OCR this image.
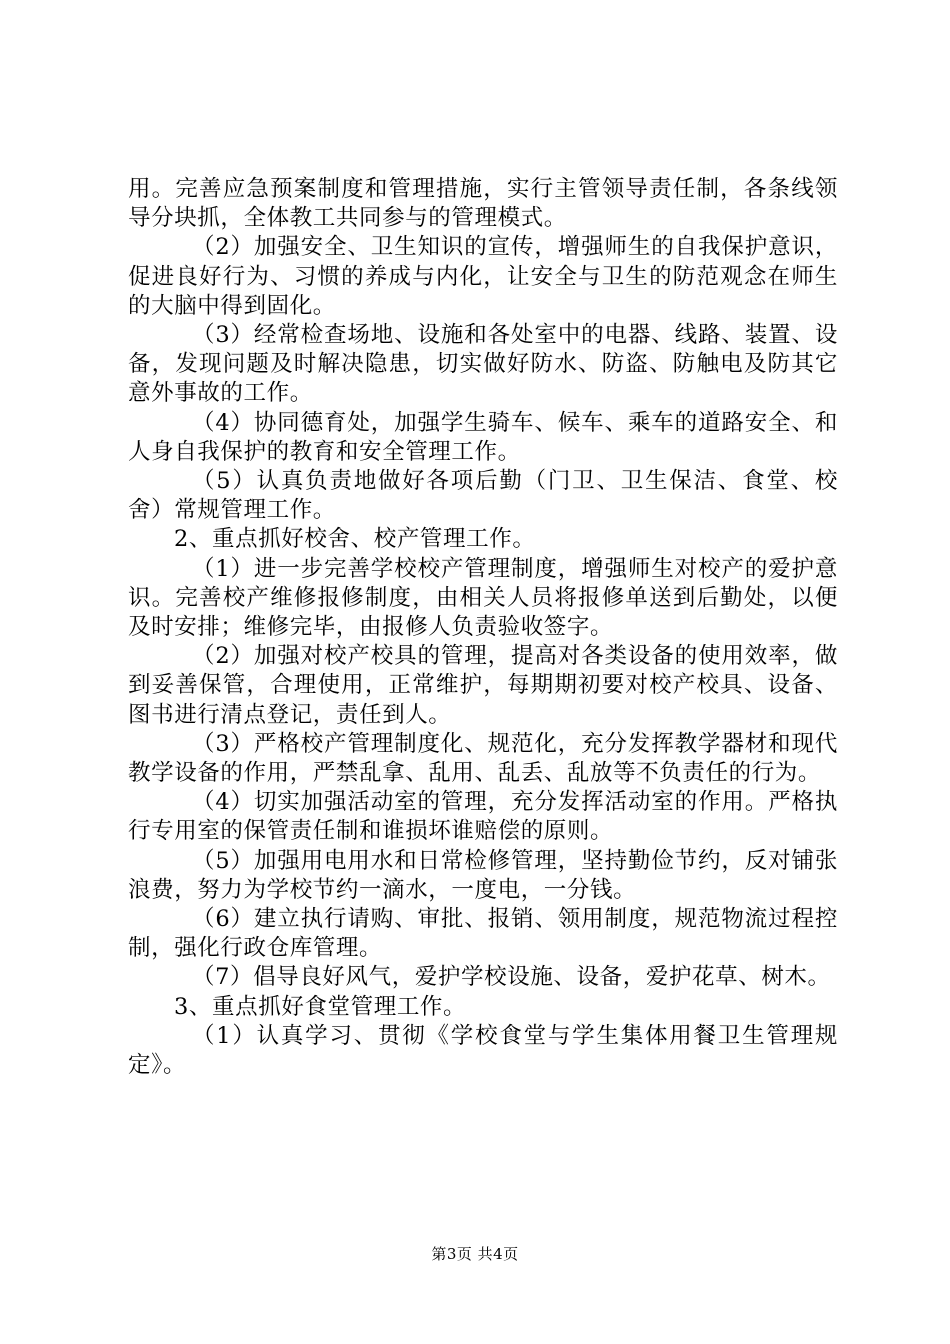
用。完善应急预案制度和管理措施，实行主管领导责任制，各条线领导分块抓，全体教工共同参与的管理模式。

（2）加强安全、卫生知识的宣传，增强师生的自我保护意识，促进良好行为、习惯的养成与内化，让安全与卫生的防范观念在师生的大脑中得到固化。

（3）经常检查场地、设施和各处室中的电器、线路、装置、设备，发现问题及时解决隐患，切实做好防水、防盗、防触电及防其它意外事故的工作。

（4）协同德育处，加强学生骑车、候车、乘车的道路安全、和人身自我保护的教育和安全管理工作。

（5）认真负责地做好各项后勤（门卫、卫生保洁、食堂、校舍）常规管理工作。

2、重点抓好校舍、校产管理工作。

（1）进一步完善学校校产管理制度，增强师生对校产的爱护意识。完善校产维修报修制度，由相关人员将报修单送到后勤处，以便及时安排；维修完毕，由报修人负责验收签字。

（2）加强对校产校具的管理，提高对各类设备的使用效率，做到妥善保管，合理使用，正常维护，每期期初要对校产校具、设备、图书进行清点登记，责任到人。

（3）严格校产管理制度化、规范化，充分发挥教学器材和现代教学设备的作用，严禁乱拿、乱用、乱丢、乱放等不负责任的行为。

（4）切实加强活动室的管理，充分发挥活动室的作用。严格执行专用室的保管责任制和谁损坏谁赔偿的原则。

（5）加强用电用水和日常检修管理，坚持勤俭节约，反对铺张浪费，努力为学校节约一滴水，一度电，一分钱。

（6）建立执行请购、审批、报销、领用制度，规范物流过程控制，强化行政仓库管理。

（7）倡导良好风气，爱护学校设施、设备，爱护花草、树木。

3、重点抓好食堂管理工作。

（1）认真学习、贯彻《学校食堂与学生集体用餐卫生管理规定》。

第3页 共4页
